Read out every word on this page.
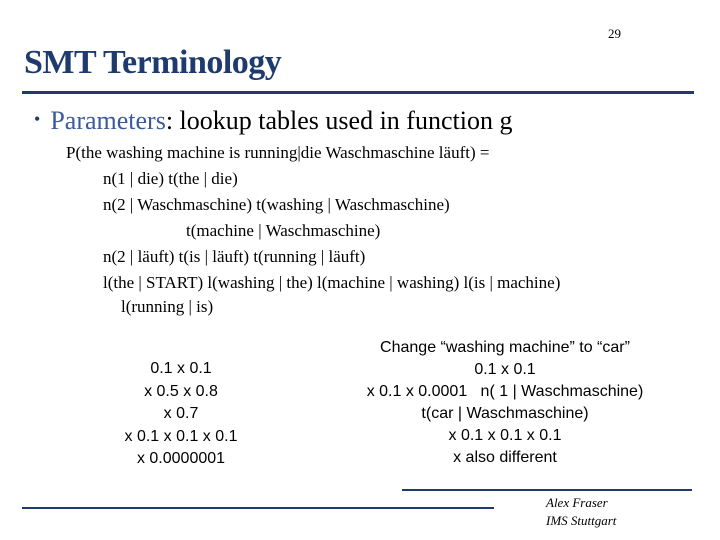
29
SMT Terminology
• Parameters: lookup tables used in function g
P(the washing machine is running|die Waschmaschine läuft) =
n(1 | die) t(the | die)
n(2 | Waschmaschine) t(washing | Waschmaschine)
t(machine | Waschmaschine)
n(2 | läuft) t(is | läuft) t(running | läuft)
l(the | START) l(washing | the) l(machine | washing) l(is | machine)
l(running | is)
0.1 x 0.1
x 0.5 x 0.8
x 0.7
x 0.1 x 0.1 x 0.1
x 0.0000001
Change “washing machine” to “car”
0.1 x 0.1
x 0.1 x 0.0001   n( 1 | Waschmaschine)
t(car | Waschmaschine)
x 0.1 x 0.1 x 0.1
x also different
Alex Fraser
IMS Stuttgart
